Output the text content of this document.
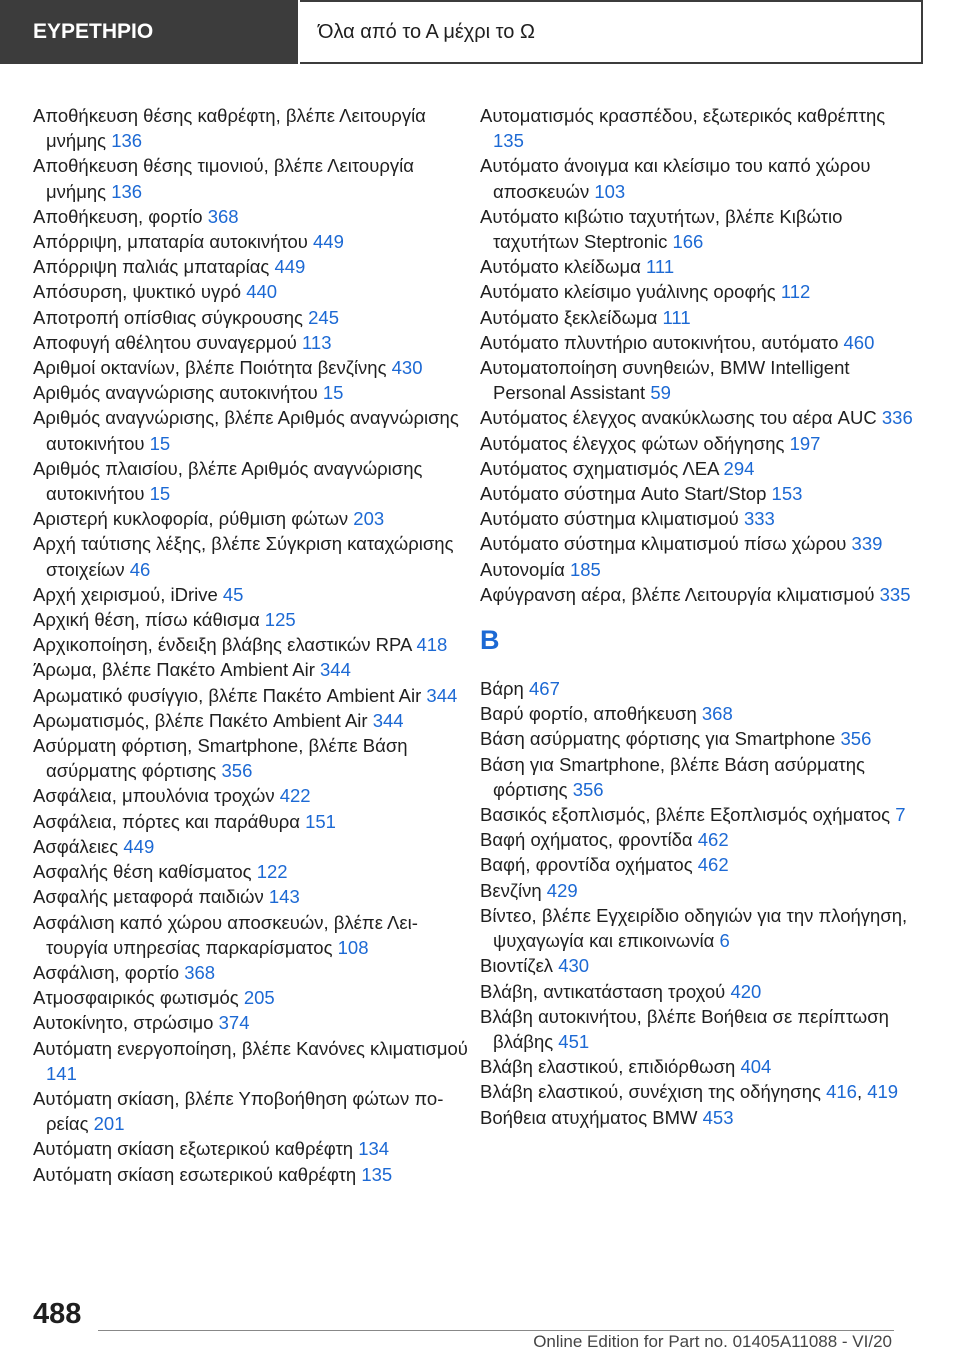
ΕΥΡΕΤΗΡΙΟ	Όλα από το Α μέχρι το Ω
Αποθήκευση θέσης καθρέφτη, βλέπε Λειτουργία μνήμης 136
Αποθήκευση θέσης τιμονιού, βλέπε Λειτουργία μνήμης 136
Αποθήκευση, φορτίο 368
Απόρριψη, μπαταρία αυτοκινήτου 449
Απόρριψη παλιάς μπαταρίας 449
Απόσυρση, ψυκτικό υγρό 440
Αποτροπή οπίσθιας σύγκρουσης 245
Αποφυγή αθέλητου συναγερμού 113
Αριθμοί οκτανίων, βλέπε Ποιότητα βενζίνης 430
Αριθμός αναγνώρισης αυτοκινήτου 15
Αριθμός αναγνώρισης, βλέπε Αριθμός αναγνώρισης αυτοκινήτου 15
Αριθμός πλαισίου, βλέπε Αριθμός αναγνώρισης αυτοκινήτου 15
Αριστερή κυκλοφορία, ρύθμιση φώτων 203
Αρχή ταύτισης λέξης, βλέπε Σύγκριση καταχώρισης στοιχείων 46
Αρχή χειρισμού, iDrive 45
Αρχική θέση, πίσω κάθισμα 125
Αρχικοποίηση, ένδειξη βλάβης ελαστικών RPA 418
Άρωμα, βλέπε Πακέτο Ambient Air 344
Αρωματικό φυσίγγιο, βλέπε Πακέτο Ambient Air 344
Αρωματισμός, βλέπε Πακέτο Ambient Air 344
Ασύρματη φόρτιση, Smartphone, βλέπε Βάση ασύρματης φόρτισης 356
Ασφάλεια, μπουλόνια τροχών 422
Ασφάλεια, πόρτες και παράθυρα 151
Ασφάλειες 449
Ασφαλής θέση καθίσματος 122
Ασφαλής μεταφορά παιδιών 143
Ασφάλιση καπό χώρου αποσκευών, βλέπε Λειτουργία υπηρεσίας παρκαρίσματος 108
Ασφάλιση, φορτίο 368
Ατμοσφαιρικός φωτισμός 205
Αυτοκίνητο, στρώσιμο 374
Αυτόματη ενεργοποίηση, βλέπε Κανόνες κλιματισμού 141
Αυτόματη σκίαση, βλέπε Υποβοήθηση φώτων πορείας 201
Αυτόματη σκίαση εξωτερικού καθρέφτη 134
Αυτόματη σκίαση εσωτερικού καθρέφτη 135
Αυτοματισμός κρασπέδου, εξωτερικός καθρέπτης 135
Αυτόματο άνοιγμα και κλείσιμο του καπό χώρου αποσκευών 103
Αυτόματο κιβώτιο ταχυτήτων, βλέπε Κιβώτιο ταχυτήτων Steptronic 166
Αυτόματο κλείδωμα 111
Αυτόματο κλείσιμο γυάλινης οροφής 112
Αυτόματο ξεκλείδωμα 111
Αυτόματο πλυντήριο αυτοκινήτου, αυτόματο 460
Αυτοματοποίηση συνηθειών, BMW Intelligent Personal Assistant 59
Αυτόματος έλεγχος ανακύκλωσης του αέρα AUC 336
Αυτόματος έλεγχος φώτων οδήγησης 197
Αυτόματος σχηματισμός ΛΕΑ 294
Αυτόματο σύστημα Auto Start/Stop 153
Αυτόματο σύστημα κλιματισμού 333
Αυτόματο σύστημα κλιματισμού πίσω χώρου 339
Αυτονομία 185
Αφύγρανση αέρα, βλέπε Λειτουργία κλιματισμού 335
B
Βάρη 467
Βαρύ φορτίο, αποθήκευση 368
Βάση ασύρματης φόρτισης για Smartphone 356
Βάση για Smartphone, βλέπε Βάση ασύρματης φόρτισης 356
Βασικός εξοπλισμός, βλέπε Εξοπλισμός οχήματος 7
Βαφή οχήματος, φροντίδα 462
Βαφή, φροντίδα οχήματος 462
Βενζίνη 429
Βίντεο, βλέπε Εγχειρίδιο οδηγιών για την πλοήγηση, ψυχαγωγία και επικοινωνία 6
Βιοντίζελ 430
Βλάβη, αντικατάσταση τροχού 420
Βλάβη αυτοκινήτου, βλέπε Βοήθεια σε περίπτωση βλάβης 451
Βλάβη ελαστικού, επιδιόρθωση 404
Βλάβη ελαστικού, συνέχιση της οδήγησης 416, 419
Βοήθεια ατυχήματος BMW 453
488
Online Edition for Part no. 01405A11088 - VI/20
